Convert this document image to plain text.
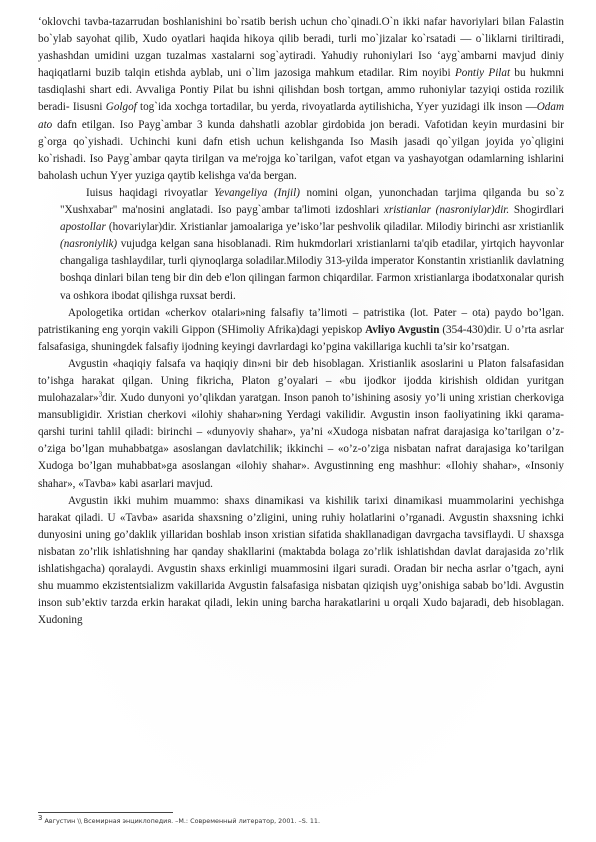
‘oklovchi tavba-tazarrudan boshlanishini bo`rsatib berish uchun cho`qinadi.O`n ikki nafar havoriylari bilan Falastin bo`ylab sayohat qilib, Xudo oyatlari haqida hikoya qilib beradi, turli mo`jizalar ko`rsatadi — o`liklarni tiriltiradi, yashashdan umidini uzgan tuzalmas xastalarni sog`aytiradi. Yahudiy ruhoniylari Iso ‘ayg`ambarni mavjud diniy haqiqatlarni buzib talqin etishda ayblab, uni o`lim jazosiga mahkum etadilar. Rim noyibi Pontiy Pilat bu hukmni tasdiqlashi shart edi. Avvaliga Pontiy Pilat bu ishni qilishdan bosh tortgan, ammo ruhoniylar tazyiqi ostida rozilik beradi- Iisusni Golgof tog`ida xochga tortadilar, bu yerda, rivoyatlarda aytilishicha, Yyer yuzidagi ilk inson —Odam ato dafn etilgan. Iso Payg`ambar 3 kunda dahshatli azoblar girdobida jon beradi. Vafotidan keyin murdasini bir g`orga qo`yishadi. Uchinchi kuni dafn etish uchun kelishganda Iso Masih jasadi qo`yilgan joyida yo`qligini ko`rishadi. Iso Payg`ambar qayta tirilgan va me'rojga ko`tarilgan, vafot etgan va yashayotgan odamlarning ishlarini baholash uchun Yyer yuziga qaytib kelishga va'da bergan.

Iuisus haqidagi rivoyatlar Yevangeliya (Injil) nomini olgan, yunonchadan tarjima qilganda bu so`z "Xushxabar" ma'nosini anglatadi. Iso payg`ambar ta'limoti izdoshlari xristianlar (nasroniylar)dir. Shogirdlari apostollar (hovariylar)dir. Xristianlar jamoalariga ye’isko’lar peshvolik qiladilar. Milodiy birinchi asr xristianlik (nasroniylik) vujudga kelgan sana hisoblanadi. Rim hukmdorlari xristianlarni ta'qib etadilar, yirtqich hayvonlar changaliga tashlaydilar, turli qiynoqlarga soladilar.Milodiy 313-yilda imperator Konstantin xristianlik davlatning boshqa dinlari bilan teng bir din deb e'lon qilingan farmon chiqardilar. Farmon xristianlarga ibodatxonalar qurish va oshkora ibodat qilishga ruxsat berdi.

Apologetika ortidan «cherkov otalari»ning falsafiy ta’limoti – patristika (lot. Pater – ota) paydo bo’lgan. patristikaning eng yorqin vakili Gippon (SHimoliy Afrika)dagi yepiskop Avliyo Avgustin (354-430)dir. U o’rta asrlar falsafasiga, shuningdek falsafiy ijodning keyingi davrlardagi ko’pgina vakillariga kuchli ta’sir ko’rsatgan.

Avgustin «haqiqiy falsafa va haqiqiy din»ni bir deb hisoblagan. Xristianlik asoslarini u Platon falsafasidan to’ishga harakat qilgan. Uning fikricha, Platon g’oyalari – «bu ijodkor ijodda kirishish oldidan yuritgan mulohazalar»$^3$dir. Xudo dunyoni yo’qlikdan yaratgan. Inson panoh to’ishining asosiy yo’li uning xristian cherkoviga mansubligidir. Xristian cherkovi «ilohiy shahar»ning Yerdagi vakilidir. Avgustin inson faoliyatining ikki qarama-qarshi turini tahlil qiladi: birinchi – «dunyoviy shahar», ya’ni «Xudoga nisbatan nafrat darajasiga ko’tarilgan o’z-o’ziga bo’lgan muhabbatga» asoslangan davlatchilik; ikkinchi – «o’z-o’ziga nisbatan nafrat darajasiga ko’tarilgan Xudoga bo’lgan muhabbat»ga asoslangan «ilohiy shahar». Avgustinning eng mashhur: «Ilohiy shahar», «Insoniy shahar», «Tavba» kabi asarlari mavjud.

Avgustin ikki muhim muammo: shaxs dinamikasi va kishilik tarixi dinamikasi muammolarini yechishga harakat qiladi. U «Tavba» asarida shaxsning o’zligini, uning ruhiy holatlarini o’rganadi. Avgustin shaxsning ichki dunyosini uning go’daklik yillaridan boshlab inson xristian sifatida shakllanadigan davrgacha tavsiflaydi. U shaxsga nisbatan zo’rlik ishlatishning har qanday shakllarini (maktabda bolaga zo’rlik ishlatishdan davlat darajasida zo’rlik ishlatishgacha) qoralaydi. Avgustin shaxs erkinligi muammosini ilgari suradi. Oradan bir necha asrlar o’tgach, ayni shu muammo ekzistentsializm vakillarida Avgustin falsafasiga nisbatan qiziqish uyg’onishiga sabab bo’ldi. Avgustin inson sub’ektiv tarzda erkin harakat qiladi, lekin uning barcha harakatlarini u orqali Xudo bajaradi, deb hisoblagan. Xudoning

$^3$ Августин \\ Всемирная энциклопедия. –М.: Современный литератор, 2001. –S. 11.
